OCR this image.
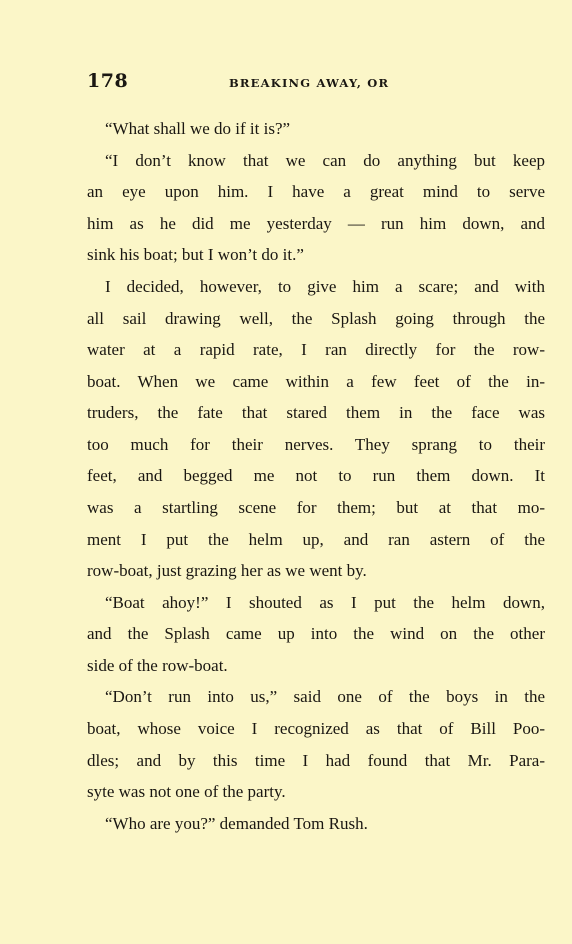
178	BREAKING AWAY, OR
“What shall we do if it is?”
“I don’t know that we can do anything but keep
an eye upon him. I have a great mind to serve
him as he did me yesterday — run him down, and
sink his boat; but I won’t do it.”
I decided, however, to give him a scare; and with
all sail drawing well, the Splash going through the
water at a rapid rate, I ran directly for the row-
boat. When we came within a few feet of the in-
truders, the fate that stared them in the face was
too much for their nerves. They sprang to their
feet, and begged me not to run them down. It
was a startling scene for them; but at that mo-
ment I put the helm up, and ran astern of the
row-boat, just grazing her as we went by.
“Boat ahoy!” I shouted as I put the helm down,
and the Splash came up into the wind on the other
side of the row-boat.
“Don’t run into us,” said one of the boys in the
boat, whose voice I recognized as that of Bill Poo-
dles; and by this time I had found that Mr. Para-
syte was not one of the party.
“Who are you?” demanded Tom Rush.
